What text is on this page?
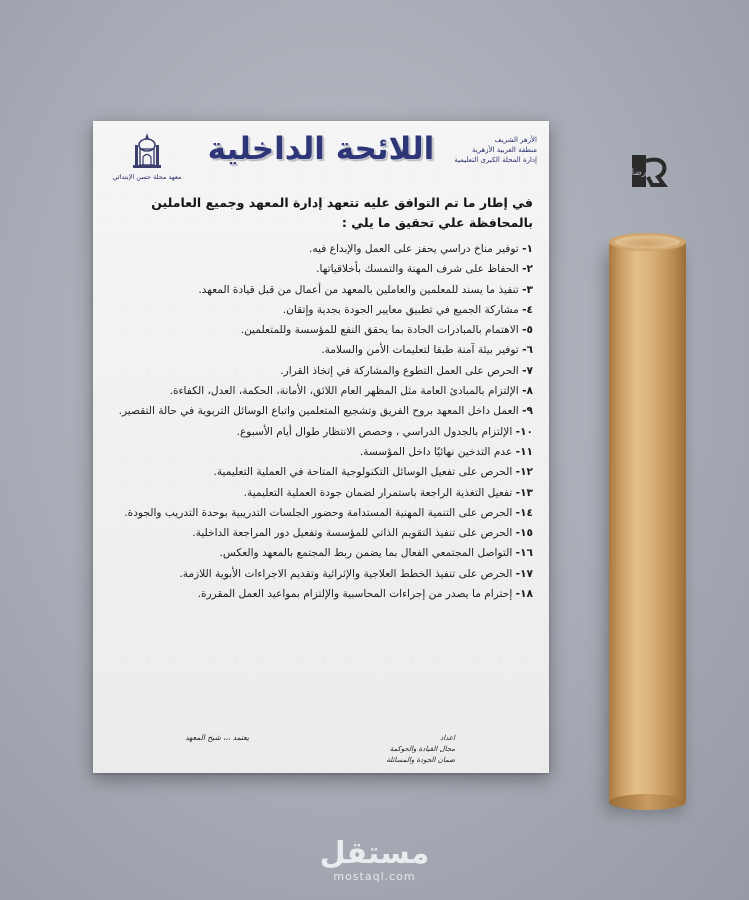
الأزهر الشريف
منطقة الغربية الأزهرية
إدارة المحلة الكبرى التعليمية
اللائحة الداخلية
معهد محلة حسن الإبتدائي
في إطار ما تم التوافق عليه تتعهد إدارة المعهد وجميع العاملين بالمحافظة علي تحقيق ما يلي :
١- توفير مناخ دراسي يحفز على العمل والإبداع فيه.
٢- الحفاظ على شرف المهنة والتمسك بأخلاقياتها.
٣- تنفيذ ما يسند للمعلمين والعاملين بالمعهد من أعمال من قبل قيادة المعهد.
٤- مشاركة الجميع في تطبيق معايير الجودة بجدية وإتقان.
٥- الاهتمام بالمبادرات الجادة بما يحقق النفع للمؤسسة وللمتعلمين.
٦- توفير بيئة آمنة طبقا لتعليمات الأمن والسلامة.
٧- الحرص على العمل التطوع والمشاركة في إتخاذ القرار.
٨- الإلتزام بالمبادئ العامة مثل المظهر العام اللائق، الأمانة، الحكمة، العدل، الكفاءة.
٩- العمل داخل المعهد بروح الفريق وتشجيع المتعلمين واتباع الوسائل التربوية في حالة التقصير.
١٠- الإلتزام بالجدول الدراسي ، وحصص الانتظار طوال أيام الأسبوع.
١١- عدم التدخين نهائيًا داخل المؤسسة.
١٢- الحرص على تفعيل الوسائل التكنولوجية المتاحة في العملية التعليمية.
١٣- تفعيل التغذية الراجعة باستمرار لضمان جودة العملية التعليمية.
١٤- الحرص على التنمية المهنية المستدامة وحضور الجلسات التدريبية بوحدة التدريب والجودة.
١٥- الحرص على تنفيذ التقويم الذاتي للمؤسسة وتفعيل دور المراجعة الداخلية.
١٦- التواصل المجتمعي الفعال بما يضمن ربط المجتمع بالمعهد والعكس.
١٧- الحرص على تنفيذ الخطط العلاجية والإثرائية وتقديم الاجراءات الأبوية اللازمة.
١٨- إحترام ما يصدر من إجراءات المحاسبية والإلتزام بمواعيد العمل المقررة.
اعداد
مجال القيادة والحوكمة
ضمان الجودة والمسائلة
يعتمد ،،، شيخ المعهد
رضا
مستقل
mostaql.com
